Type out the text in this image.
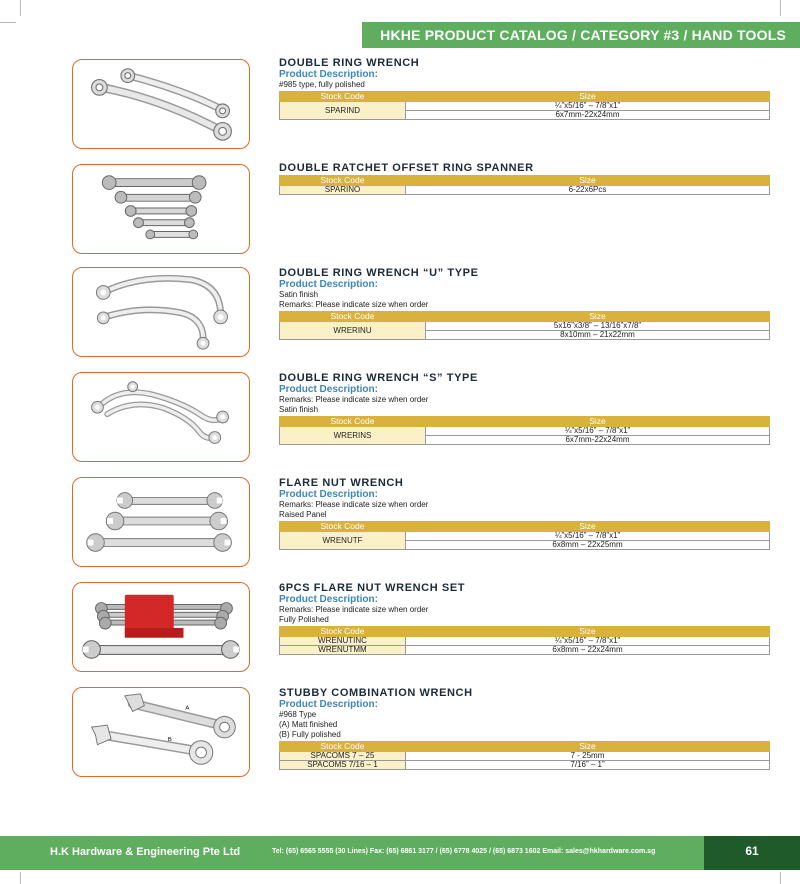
HKHE PRODUCT CATALOG / CATEGORY #3 / HAND TOOLS
DOUBLE RING WRENCH
Product Description:
#985 type, fully polished
Stock Code	Size
SPARIND	¼”x5/16” – 7/8”x1”
	6x7mm-22x24mm
DOUBLE RATCHET OFFSET RING SPANNER
Stock Code	Size
SPARINO	6-22x6Pcs
DOUBLE RING WRENCH “U” TYPE
Product Description:
Satin finish
Remarks: Please indicate size when order
Stock Code	Size
WRERINU	5x16”x3/8” – 13/16”x7/8”
	8x10mm – 21x22mm
DOUBLE RING WRENCH “S” TYPE
Product Description:
Remarks: Please indicate size when order
Satin finish
Stock Code	Size
WRERINS	¼”x5/16” – 7/8”x1”
	6x7mm-22x24mm
FLARE NUT WRENCH
Product Description:
Remarks: Please indicate size when order
Raised Panel
Stock Code	Size
WRENUTF	¼”x5/16” – 7/8”x1”
	6x8mm – 22x25mm
6PCS FLARE NUT WRENCH SET
Product Description:
Remarks: Please indicate size when order
Fully Polished
Stock Code	Size
WRENUTINC	¼”x5/16” – 7/8”x1”
WRENUTMM	6x8mm – 22x24mm
A
B
STUBBY COMBINATION WRENCH
Product Description:
#968 Type
(A) Matt finished
(B) Fully polished
Stock Code	Size
SPACOMS 7 – 25	7 - 25mm
SPACOMS 7/16 – 1	7/16” – 1”
H.K Hardware & Engineering Pte Ltd	Tel: (65) 6565 5555 (30 Lines) Fax: (65) 6861 3177 / (65) 6778 4025 / (65) 6873 1602 Email: sales@hkhardware.com.sg	61
